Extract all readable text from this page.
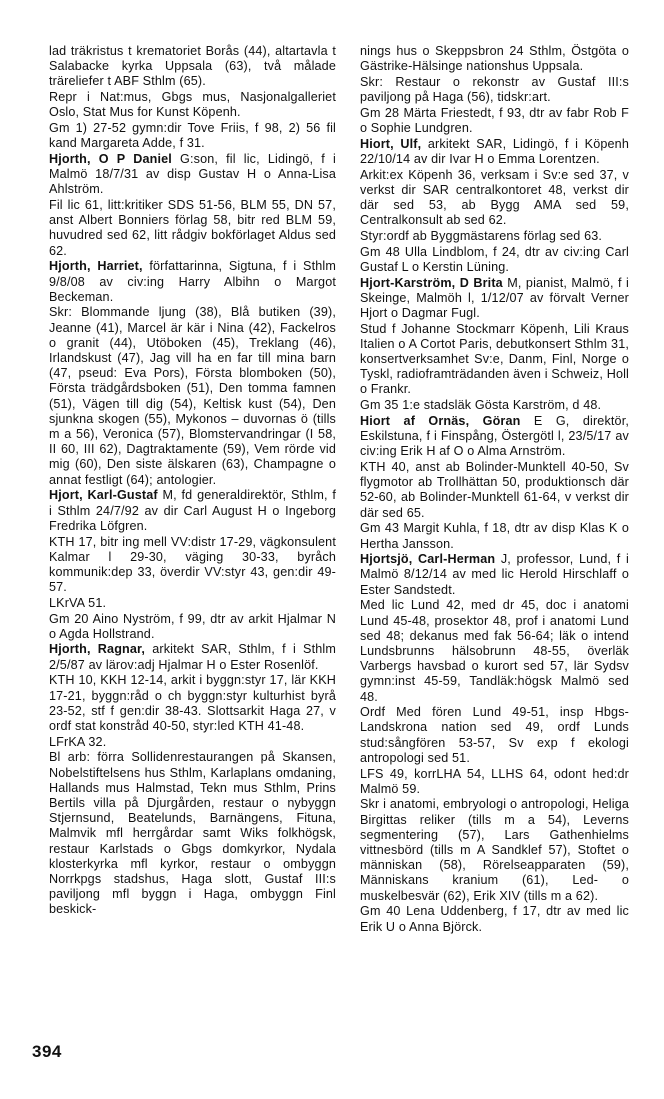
lad träkristus t krematoriet Borås (44), altartavla t Salabacke kyrka Uppsala (63), två målade träreliefer t ABF Sthlm (65).

Repr i Nat:mus, Gbgs mus, Nasjonalgalleriet Oslo, Stat Mus for Kunst Köpenh.

Gm 1) 27-52 gymn:dir Tove Friis, f 98, 2) 56 fil kand Margareta Adde, f 31.

Hjorth, O P Daniel G:son, fil lic, Lidingö, f i Malmö 18/7/31 av disp Gustav H o Anna-Lisa Ahlström.

Fil lic 61, litt:kritiker SDS 51-56, BLM 55, DN 57, anst Albert Bonniers förlag 58, bitr red BLM 59, huvudred sed 62, litt rådgiv bokförlaget Aldus sed 62.

Hjorth, Harriet, författarinna, Sigtuna, f i Sthlm 9/8/08 av civ:ing Harry Albihn o Margot Beckeman.

Skr: Blommande ljung (38), Blå butiken (39), Jeanne (41), Marcel är kär i Nina (42), Fackelros o granit (44), Utöboken (45), Treklang (46), Irlandskust (47), Jag vill ha en far till mina barn (47, pseud: Eva Pors), Första blomboken (50), Första trädgårdsboken (51), Den tomma famnen (51), Vägen till dig (54), Keltisk kust (54), Den sjunkna skogen (55), Mykonos – duvornas ö (tills m a 56), Veronica (57), Blomstervandringar (I 58, II 60, III 62), Dagtraktamente (59), Vem rörde vid mig (60), Den siste älskaren (63), Champagne o annat festligt (64); antologier.

Hjort, Karl-Gustaf M, fd generaldirektör, Sthlm, f i Sthlm 24/7/92 av dir Carl August H o Ingeborg Fredrika Löfgren.

KTH 17, bitr ing mell VV:distr 17-29, vägkonsulent Kalmar l 29-30, väging 30-33, byråch kommunik:dep 33, överdir VV:styr 43, gen:dir 49-57.

LKrVA 51.

Gm 20 Aino Nyström, f 99, dtr av arkit Hjalmar N o Agda Hollstrand.

Hjorth, Ragnar, arkitekt SAR, Sthlm, f i Sthlm 2/5/87 av lärov:adj Hjalmar H o Ester Rosenlöf.

KTH 10, KKH 12-14, arkit i byggn:styr 17, lär KKH 17-21, byggn:råd o ch byggn:styr kulturhist byrå 23-52, stf f gen:dir 38-43. Slottsarkit Haga 27, v ordf stat konstråd 40-50, styr:led KTH 41-48.

LFrKA 32.

Bl arb: förra Sollidenrestaurangen på Skansen, Nobelstiftelsens hus Sthlm, Karlaplans omdaning, Hallands mus Halmstad, Tekn mus Sthlm, Prins Bertils villa på Djurgården, restaur o nybyggn Stjernsund, Beatelunds, Barnängens, Fituna, Malmvik mfl herrgårdar samt Wiks folkhögsk, restaur Karlstads o Gbgs domkyrkor, Nydala klosterkyrka mfl kyrkor, restaur o ombyggn Norrkpgs stadshus, Haga slott, Gustaf III:s paviljong mfl byggn i Haga, ombyggn Finl beskick-

nings hus o Skeppsbron 24 Sthlm, Östgöta o Gästrike-Hälsinge nationshus Uppsala.

Skr: Restaur o rekonstr av Gustaf III:s paviljong på Haga (56), tidskr:art.

Gm 28 Märta Friestedt, f 93, dtr av fabr Rob F o Sophie Lundgren.

Hiort, Ulf, arkitekt SAR, Lidingö, f i Köpenh 22/10/14 av dir Ivar H o Emma Lorentzen.

Arkit:ex Köpenh 36, verksam i Sv:e sed 37, v verkst dir SAR centralkontoret 48, verkst dir där sed 53, ab Bygg AMA sed 59, Centralkonsult ab sed 62.

Styr:ordf ab Byggmästarens förlag sed 63.

Gm 48 Ulla Lindblom, f 24, dtr av civ:ing Carl Gustaf L o Kerstin Lüning.

Hjort-Karström, D Brita M, pianist, Malmö, f i Skeinge, Malmöh l, 1/12/07 av förvalt Verner Hjort o Dagmar Fugl.

Stud f Johanne Stockmarr Köpenh, Lili Kraus Italien o A Cortot Paris, debutkonsert Sthlm 31, konsertverksamhet Sv:e, Danm, Finl, Norge o Tyskl, radioframträdanden även i Schweiz, Holl o Frankr.

Gm 35 1:e stadsläk Gösta Karström, d 48.

Hiort af Ornäs, Göran E G, direktör, Eskilstuna, f i Finspång, Östergötl l, 23/5/17 av civ:ing Erik H af O o Alma Arnström.

KTH 40, anst ab Bolinder-Munktell 40-50, Sv flygmotor ab Trollhättan 50, produktionsch där 52-60, ab Bolinder-Munktell 61-64, v verkst dir där sed 65.

Gm 43 Margit Kuhla, f 18, dtr av disp Klas K o Hertha Jansson.

Hjortsjö, Carl-Herman J, professor, Lund, f i Malmö 8/12/14 av med lic Herold Hirschlaff o Ester Sandstedt.

Med lic Lund 42, med dr 45, doc i anatomi Lund 45-48, prosektor 48, prof i anatomi Lund sed 48; dekanus med fak 56-64; läk o intend Lundsbrunns hälsobrunn 48-55, överläk Varbergs havsbad o kurort sed 57, lär Sydsv gymn:inst 45-59, Tandläk:högsk Malmö sed 48.

Ordf Med fören Lund 49-51, insp Hbgs-Landskrona nation sed 49, ordf Lunds stud:sångfören 53-57, Sv exp f ekologi antropologi sed 51.

LFS 49, korrLHA 54, LLHS 64, odont hed:dr Malmö 59.

Skr i anatomi, embryologi o antropologi, Heliga Birgittas reliker (tills m a 54), Leverns segmentering (57), Lars Gathenhielms vittnesbörd (tills m A Sandklef 57), Stoftet o människan (58), Rörelseapparaten (59), Människans kranium (61), Led- o muskelbesvär (62), Erik XIV (tills m a 62).

Gm 40 Lena Uddenberg, f 17, dtr av med lic Erik U o Anna Björck.

394
